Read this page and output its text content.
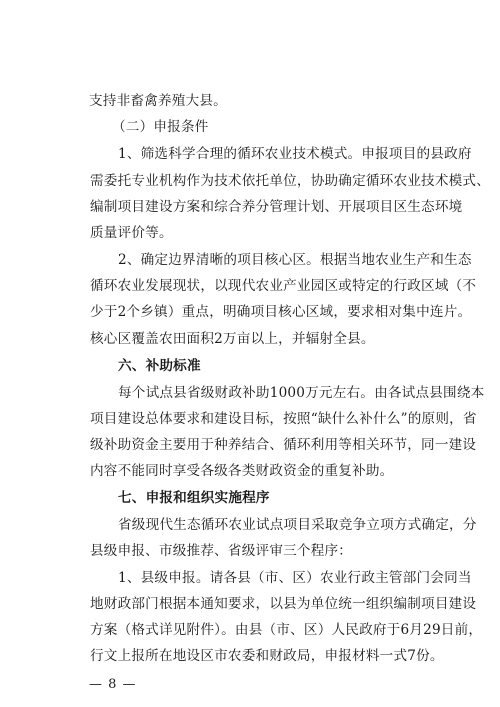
支持非畜禽养殖大县。
（二）申报条件
1、筛选科学合理的循环农业技术模式。申报项目的县政府
需委托专业机构作为技术依托单位，协助确定循环农业技术模式、
编制项目建设方案和综合养分管理计划、开展项目区生态环境
质量评价等。
2、确定边界清晰的项目核心区。根据当地农业生产和生态
循环农业发展现状，以现代农业产业园区或特定的行政区域（不
少于2个乡镇）重点，明确项目核心区域，要求相对集中连片。
核心区覆盖农田面积2万亩以上，并辐射全县。
六、补助标准
每个试点县省级财政补助1000万元左右。由各试点县围绕本
项目建设总体要求和建设目标，按照“缺什么补什么”的原则，省
级补助资金主要用于种养结合、循环利用等相关环节，同一建设
内容不能同时享受各级各类财政资金的重复补助。
七、申报和组织实施程序
省级现代生态循环农业试点项目采取竞争立项方式确定，分
县级申报、市级推荐、省级评审三个程序：
1、县级申报。请各县（市、区）农业行政主管部门会同当
地财政部门根据本通知要求，以县为单位统一组织编制项目建设
方案（格式详见附件）。由县（市、区）人民政府于6月29日前，
行文上报所在地设区市农委和财政局，申报材料一式7份。
— 8 —
